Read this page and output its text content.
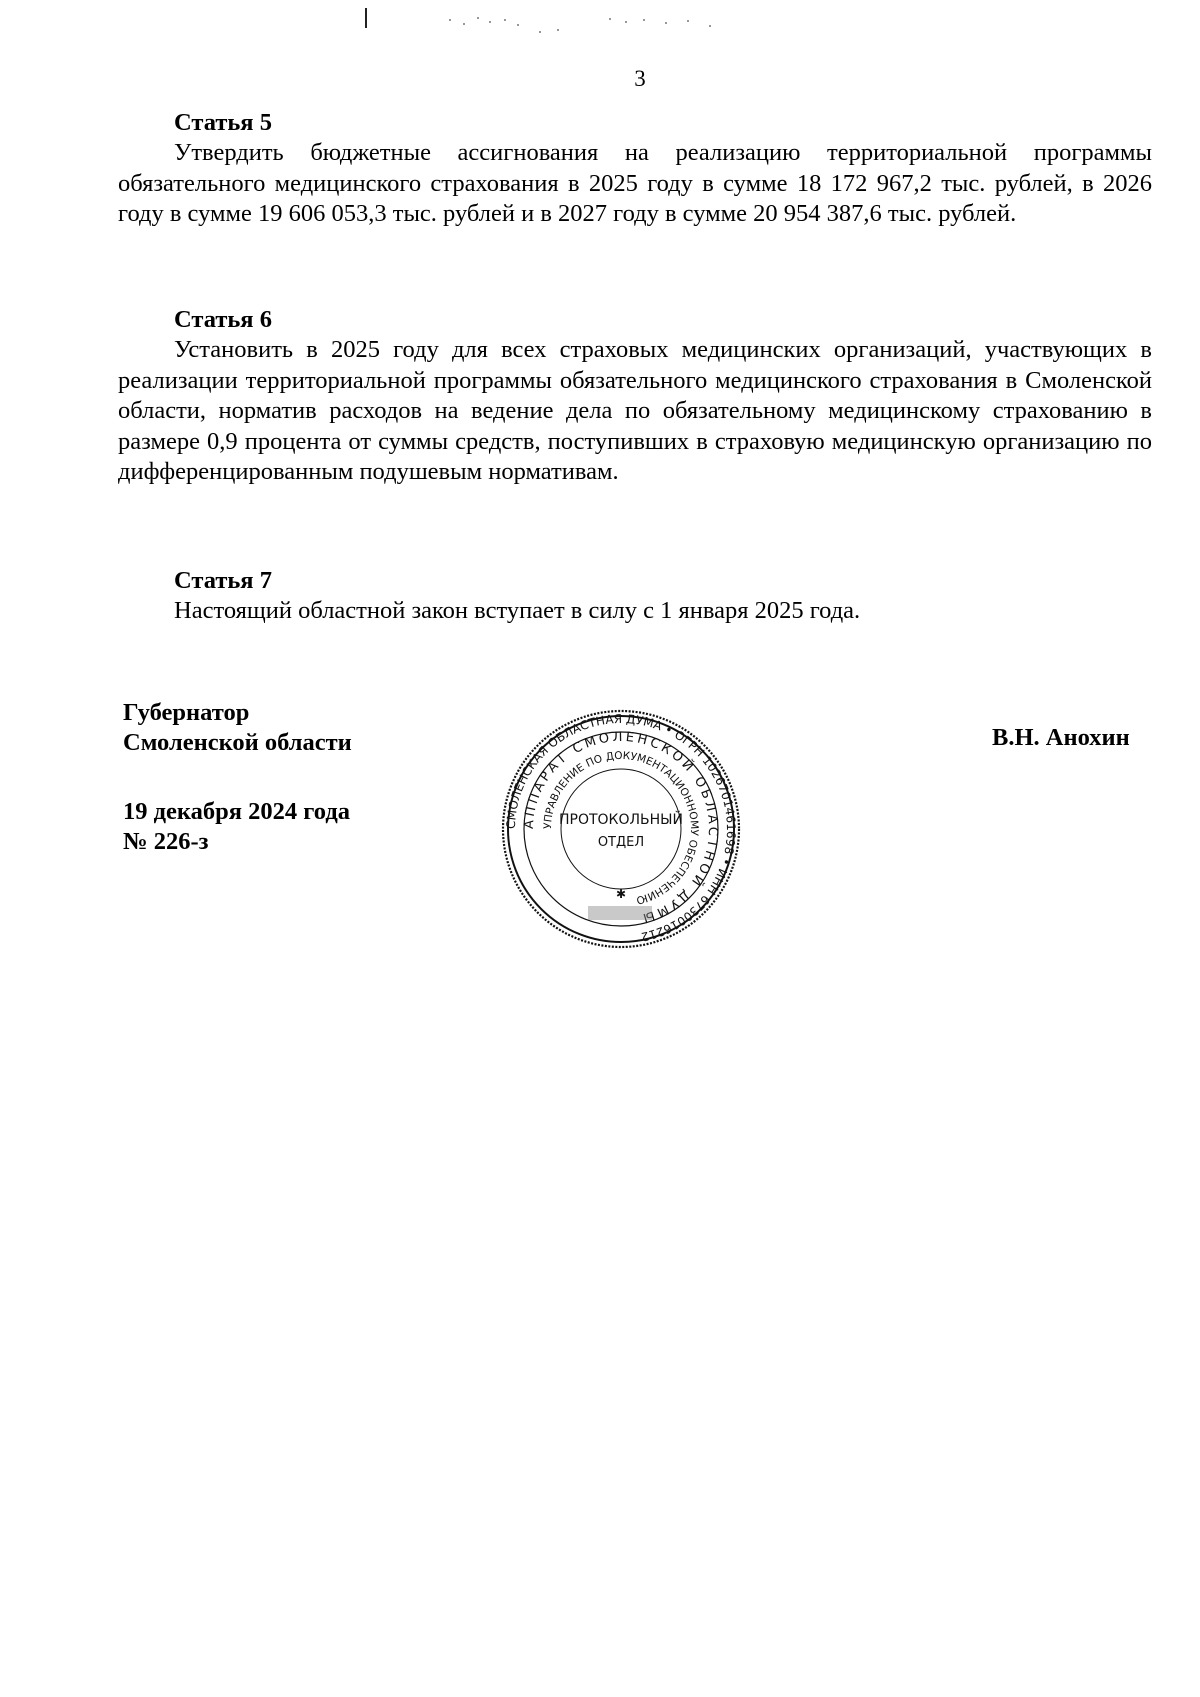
3
Статья 5
Утвердить бюджетные ассигнования на реализацию территориальной программы обязательного медицинского страхования в 2025 году в сумме 18 172 967,2 тыс. рублей, в 2026 году в сумме 19 606 053,3 тыс. рублей и в 2027 году в сумме 20 954 387,6 тыс. рублей.
Статья 6
Установить в 2025 году для всех страховых медицинских организаций, участвующих в реализации территориальной программы обязательного медицинского страхования в Смоленской области, норматив расходов на ведение дела по обязательному медицинскому страхованию в размере 0,9 процента от суммы средств, поступивших в страховую медицинскую организацию по дифференцированным подушевым нормативам.
Статья 7
Настоящий областной закон вступает в силу с 1 января 2025 года.
Губернатор
Смоленской области
19 декабря 2024 года
№ 226-з
В.Н. Анохин
СМОЛЕНСКАЯ ОБЛАСТНАЯ ДУМА • ОГРН 1026701461698 • ИНН 6730016212
АППАРАТ СМОЛЕНСКОЙ ОБЛАСТНОЙ ДУМЫ
УПРАВЛЕНИЕ ПО ДОКУМЕНТАЦИОННОМУ ОБЕСПЕЧЕНИЮ
ПРОТОКОЛЬНЫЙ
ОТДЕЛ
✱
